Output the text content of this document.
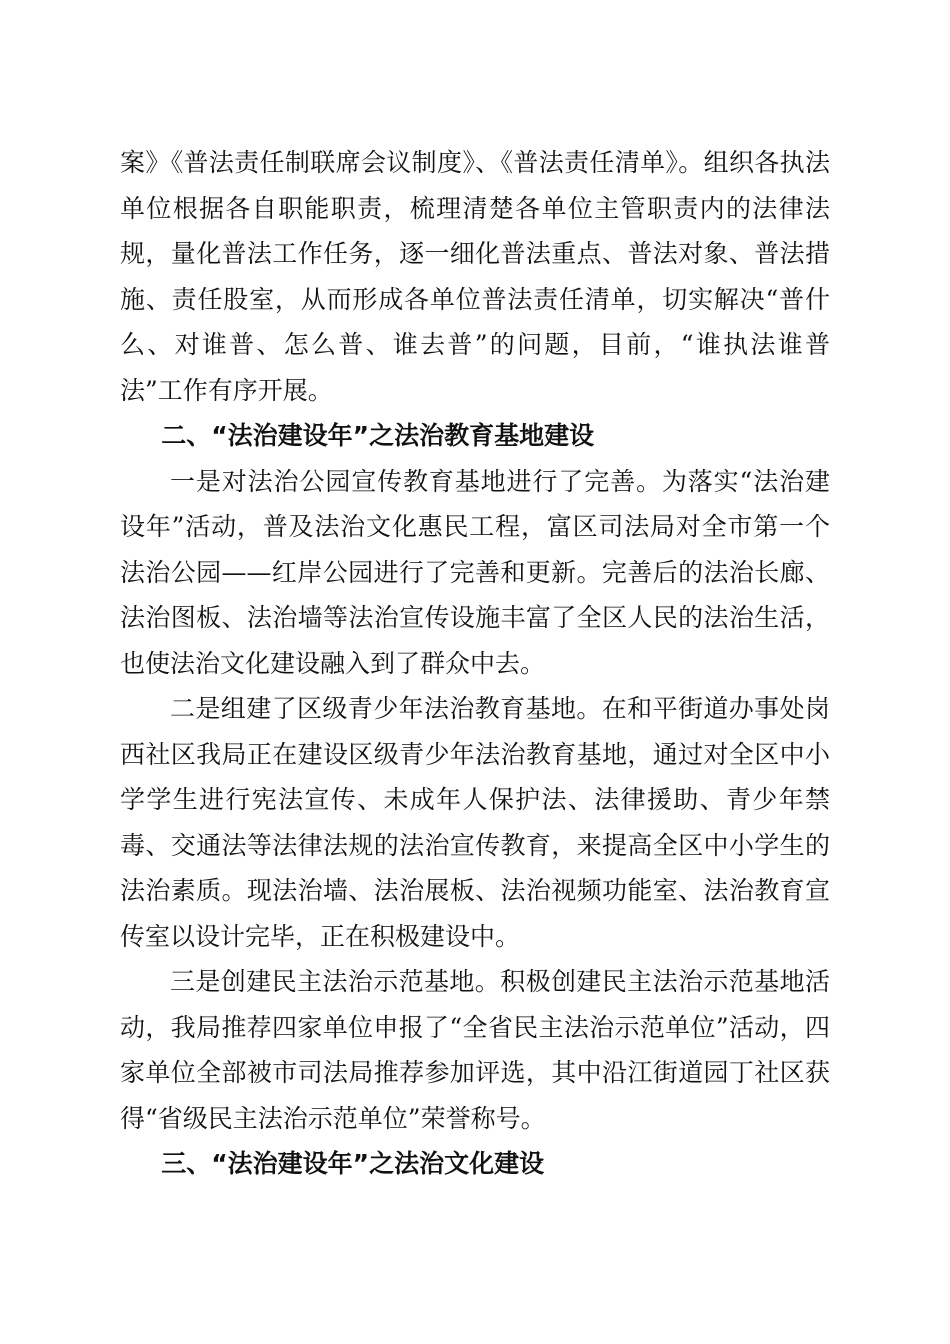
案》《普法责任制联席会议制度》、《普法责任清单》。组织各执法单位根据各自职能职责，梳理清楚各单位主管职责内的法律法规，量化普法工作任务，逐一细化普法重点、普法对象、普法措施、责任股室，从而形成各单位普法责任清单，切实解决“普什么、对谁普、怎么普、谁去普”的问题，目前，“谁执法谁普法”工作有序开展。

二、“法治建设年”之法治教育基地建设

一是对法治公园宣传教育基地进行了完善。为落实“法治建设年”活动，普及法治文化惠民工程，富区司法局对全市第一个法治公园——红岸公园进行了完善和更新。完善后的法治长廊、法治图板、法治墙等法治宣传设施丰富了全区人民的法治生活，也使法治文化建设融入到了群众中去。

二是组建了区级青少年法治教育基地。在和平街道办事处岗西社区我局正在建设区级青少年法治教育基地，通过对全区中小学学生进行宪法宣传、未成年人保护法、法律援助、青少年禁毒、交通法等法律法规的法治宣传教育，来提高全区中小学生的法治素质。现法治墙、法治展板、法治视频功能室、法治教育宣传室以设计完毕，正在积极建设中。

三是创建民主法治示范基地。积极创建民主法治示范基地活动，我局推荐四家单位申报了“全省民主法治示范单位”活动，四家单位全部被市司法局推荐参加评选，其中沿江街道园丁社区获得“省级民主法治示范单位”荣誉称号。

三、“法治建设年”之法治文化建设
